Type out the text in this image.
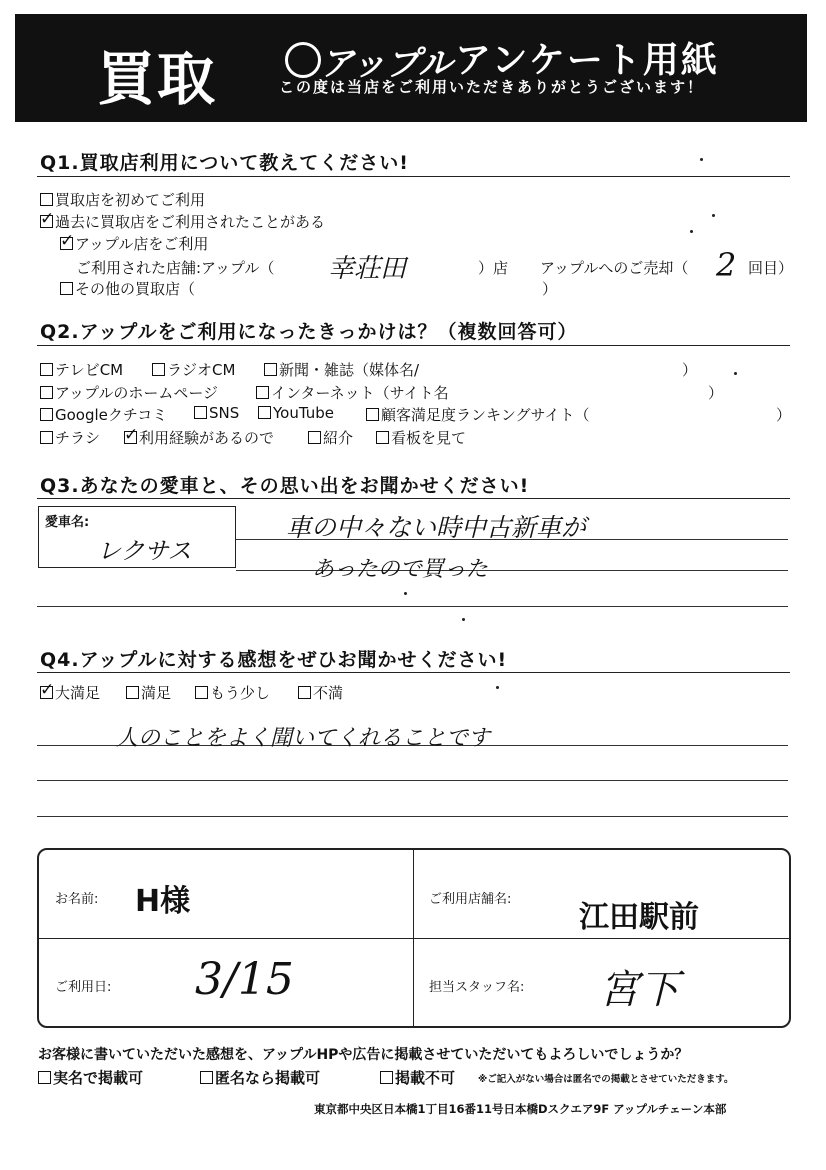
買取	アップル アンケート用紙
この度は当店をご利用いただきありがとうございます！
Q1.買取店利用について教えてください!
買取店を初めてご利用
✓過去に買取店をご利用されたことがある
✓アップル店をご利用
ご利用された店舗:アップル（ 幸荘田	）店 アップルへのご売却（ 2 回目）
その他の買取店（	）
Q2.アップルをご利用になったきっかけは？（複数回答可）
テレビCM	ラジオCM	新聞・雑誌（媒体名/	）
アップルのホームページ	インターネット（サイト名	）
Googleクチコミ	SNS	YouTube	顧客満足度ランキングサイト（	）
チラシ
✓	利用経験があるので	紹介	看板を見て
Q3.あなたの愛車と、その思い出をお聞かせください!
愛車名:
レクサス
車の中々ない時中古新車が
あったので買った
Q4.アップルに対する感想をぜひお聞かせください!
✓大満足	満足	もう少し	不満
人のことをよく聞いてくれることです
お名前: H様	ご利用店舗名:
江田駅前
ご利用日: 3/15	担当スタッフ名: 宮下
お客様に書いていただいた感想を、アップルHPや広告に掲載させていただいてもよろしいでしょうか？
実名で掲載可	匿名なら掲載可	掲載不可 ※ご記入がない場合は匿名での掲載とさせていただきます。
東京都中央区日本橋1丁目16番11号日本橋Dスクエア9F アップルチェーン本部
